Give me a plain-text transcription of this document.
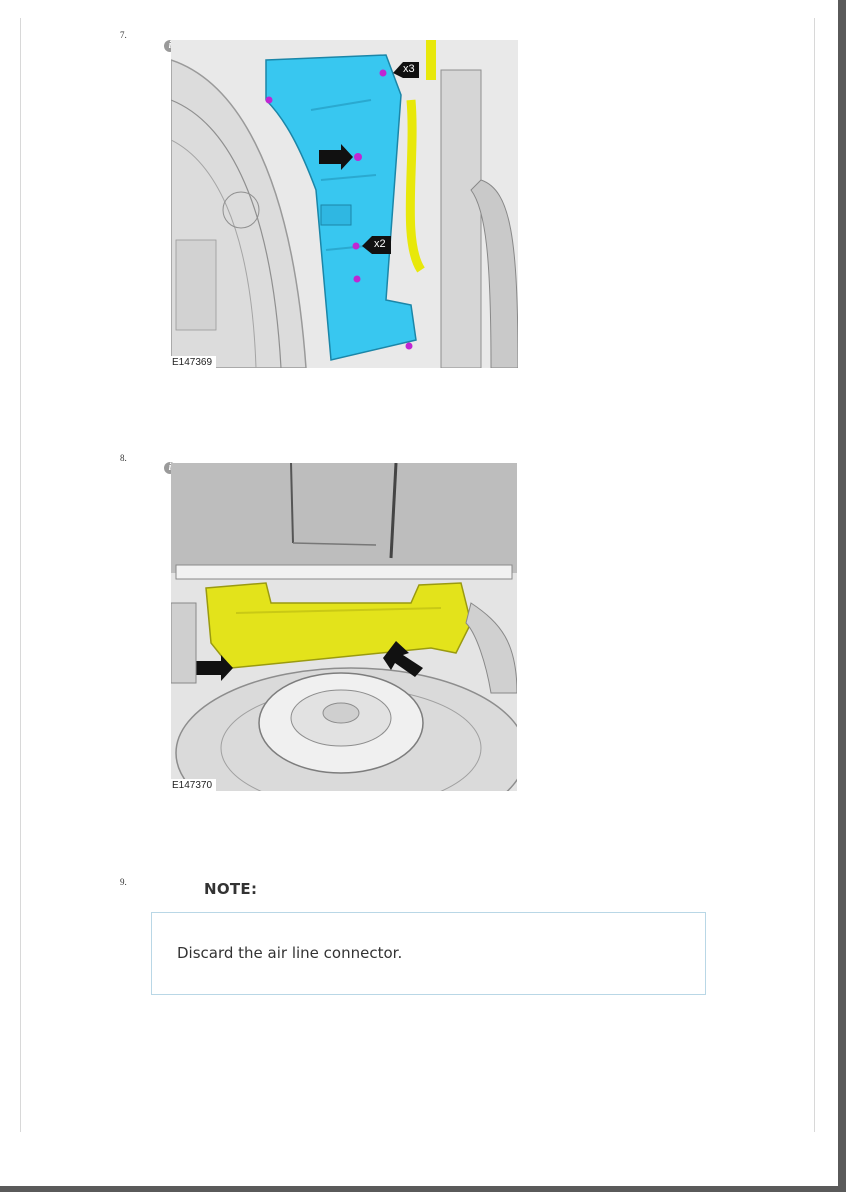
7.
i
x3
x2
E147369
8.
i
E147370
9.	NOTE:
Discard the air line connector.
